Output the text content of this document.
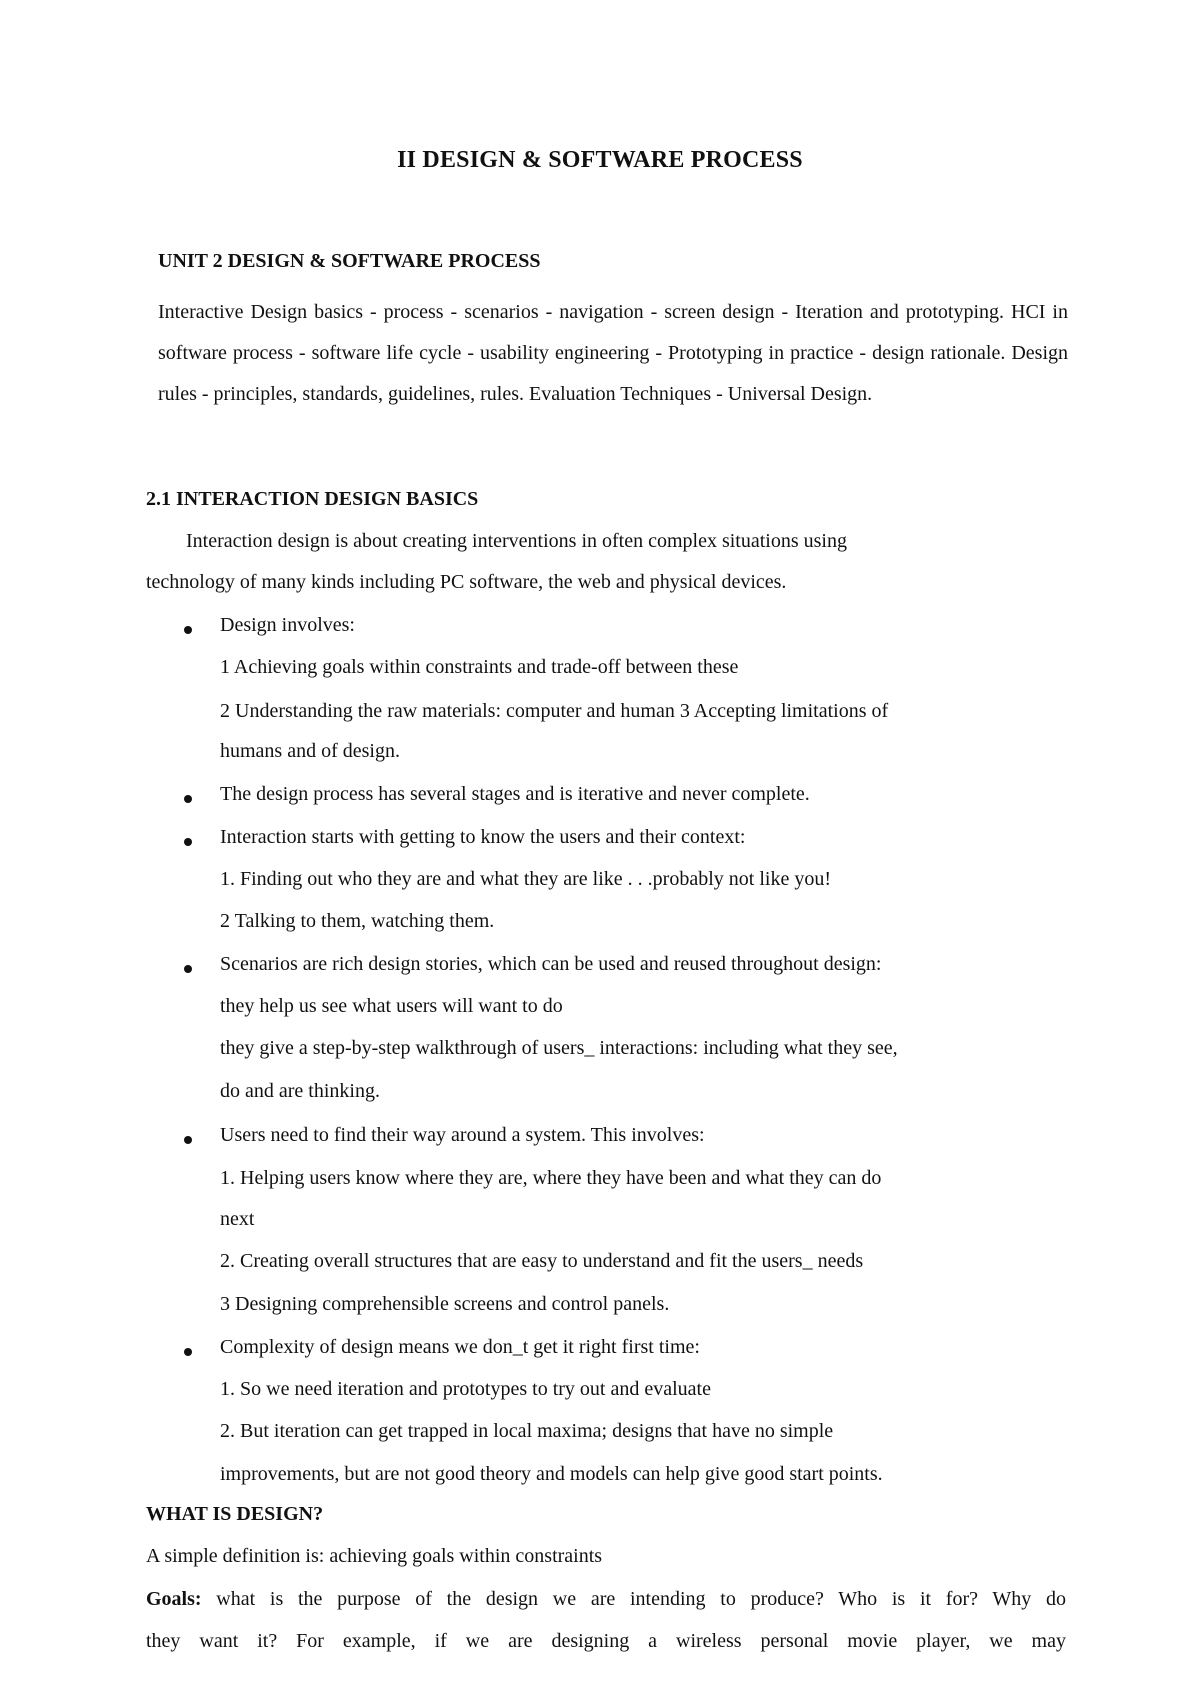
II DESIGN & SOFTWARE PROCESS
UNIT 2 DESIGN & SOFTWARE PROCESS
Interactive Design basics - process - scenarios - navigation - screen design - Iteration and prototyping. HCI in software process - software life cycle - usability engineering - Prototyping in practice - design rationale. Design rules - principles, standards, guidelines, rules. Evaluation Techniques - Universal Design.
2.1 INTERACTION DESIGN BASICS
Interaction design is about creating interventions in often complex situations using
technology of many kinds including PC software, the web and physical devices.
Design involves:
1 Achieving goals within constraints and trade-off between these
2 Understanding the raw materials: computer and human 3 Accepting limitations of
humans and of design.
The design process has several stages and is iterative and never complete.
Interaction starts with getting to know the users and their context:
1. Finding out who they are and what they are like . . .probably not like you!
2 Talking to them, watching them.
Scenarios are rich design stories, which can be used and reused throughout design:
they help us see what users will want to do
they give a step-by-step walkthrough of users_ interactions: including what they see,
do and are thinking.
Users need to find their way around a system. This involves:
1. Helping users know where they are, where they have been and what they can do
next
2. Creating overall structures that are easy to understand and fit the users_ needs
3 Designing comprehensible screens and control panels.
Complexity of design means we don_t get it right first time:
1. So we need iteration and prototypes to try out and evaluate
2. But iteration can get trapped in local maxima; designs that have no simple
improvements, but are not good theory and models can help give good start points.
WHAT IS DESIGN?
A simple definition is: achieving goals within constraints
Goals: what is the purpose of the design we are intending to produce? Who is it for? Why do
they want it? For example, if we are designing a wireless personal movie player, we may
